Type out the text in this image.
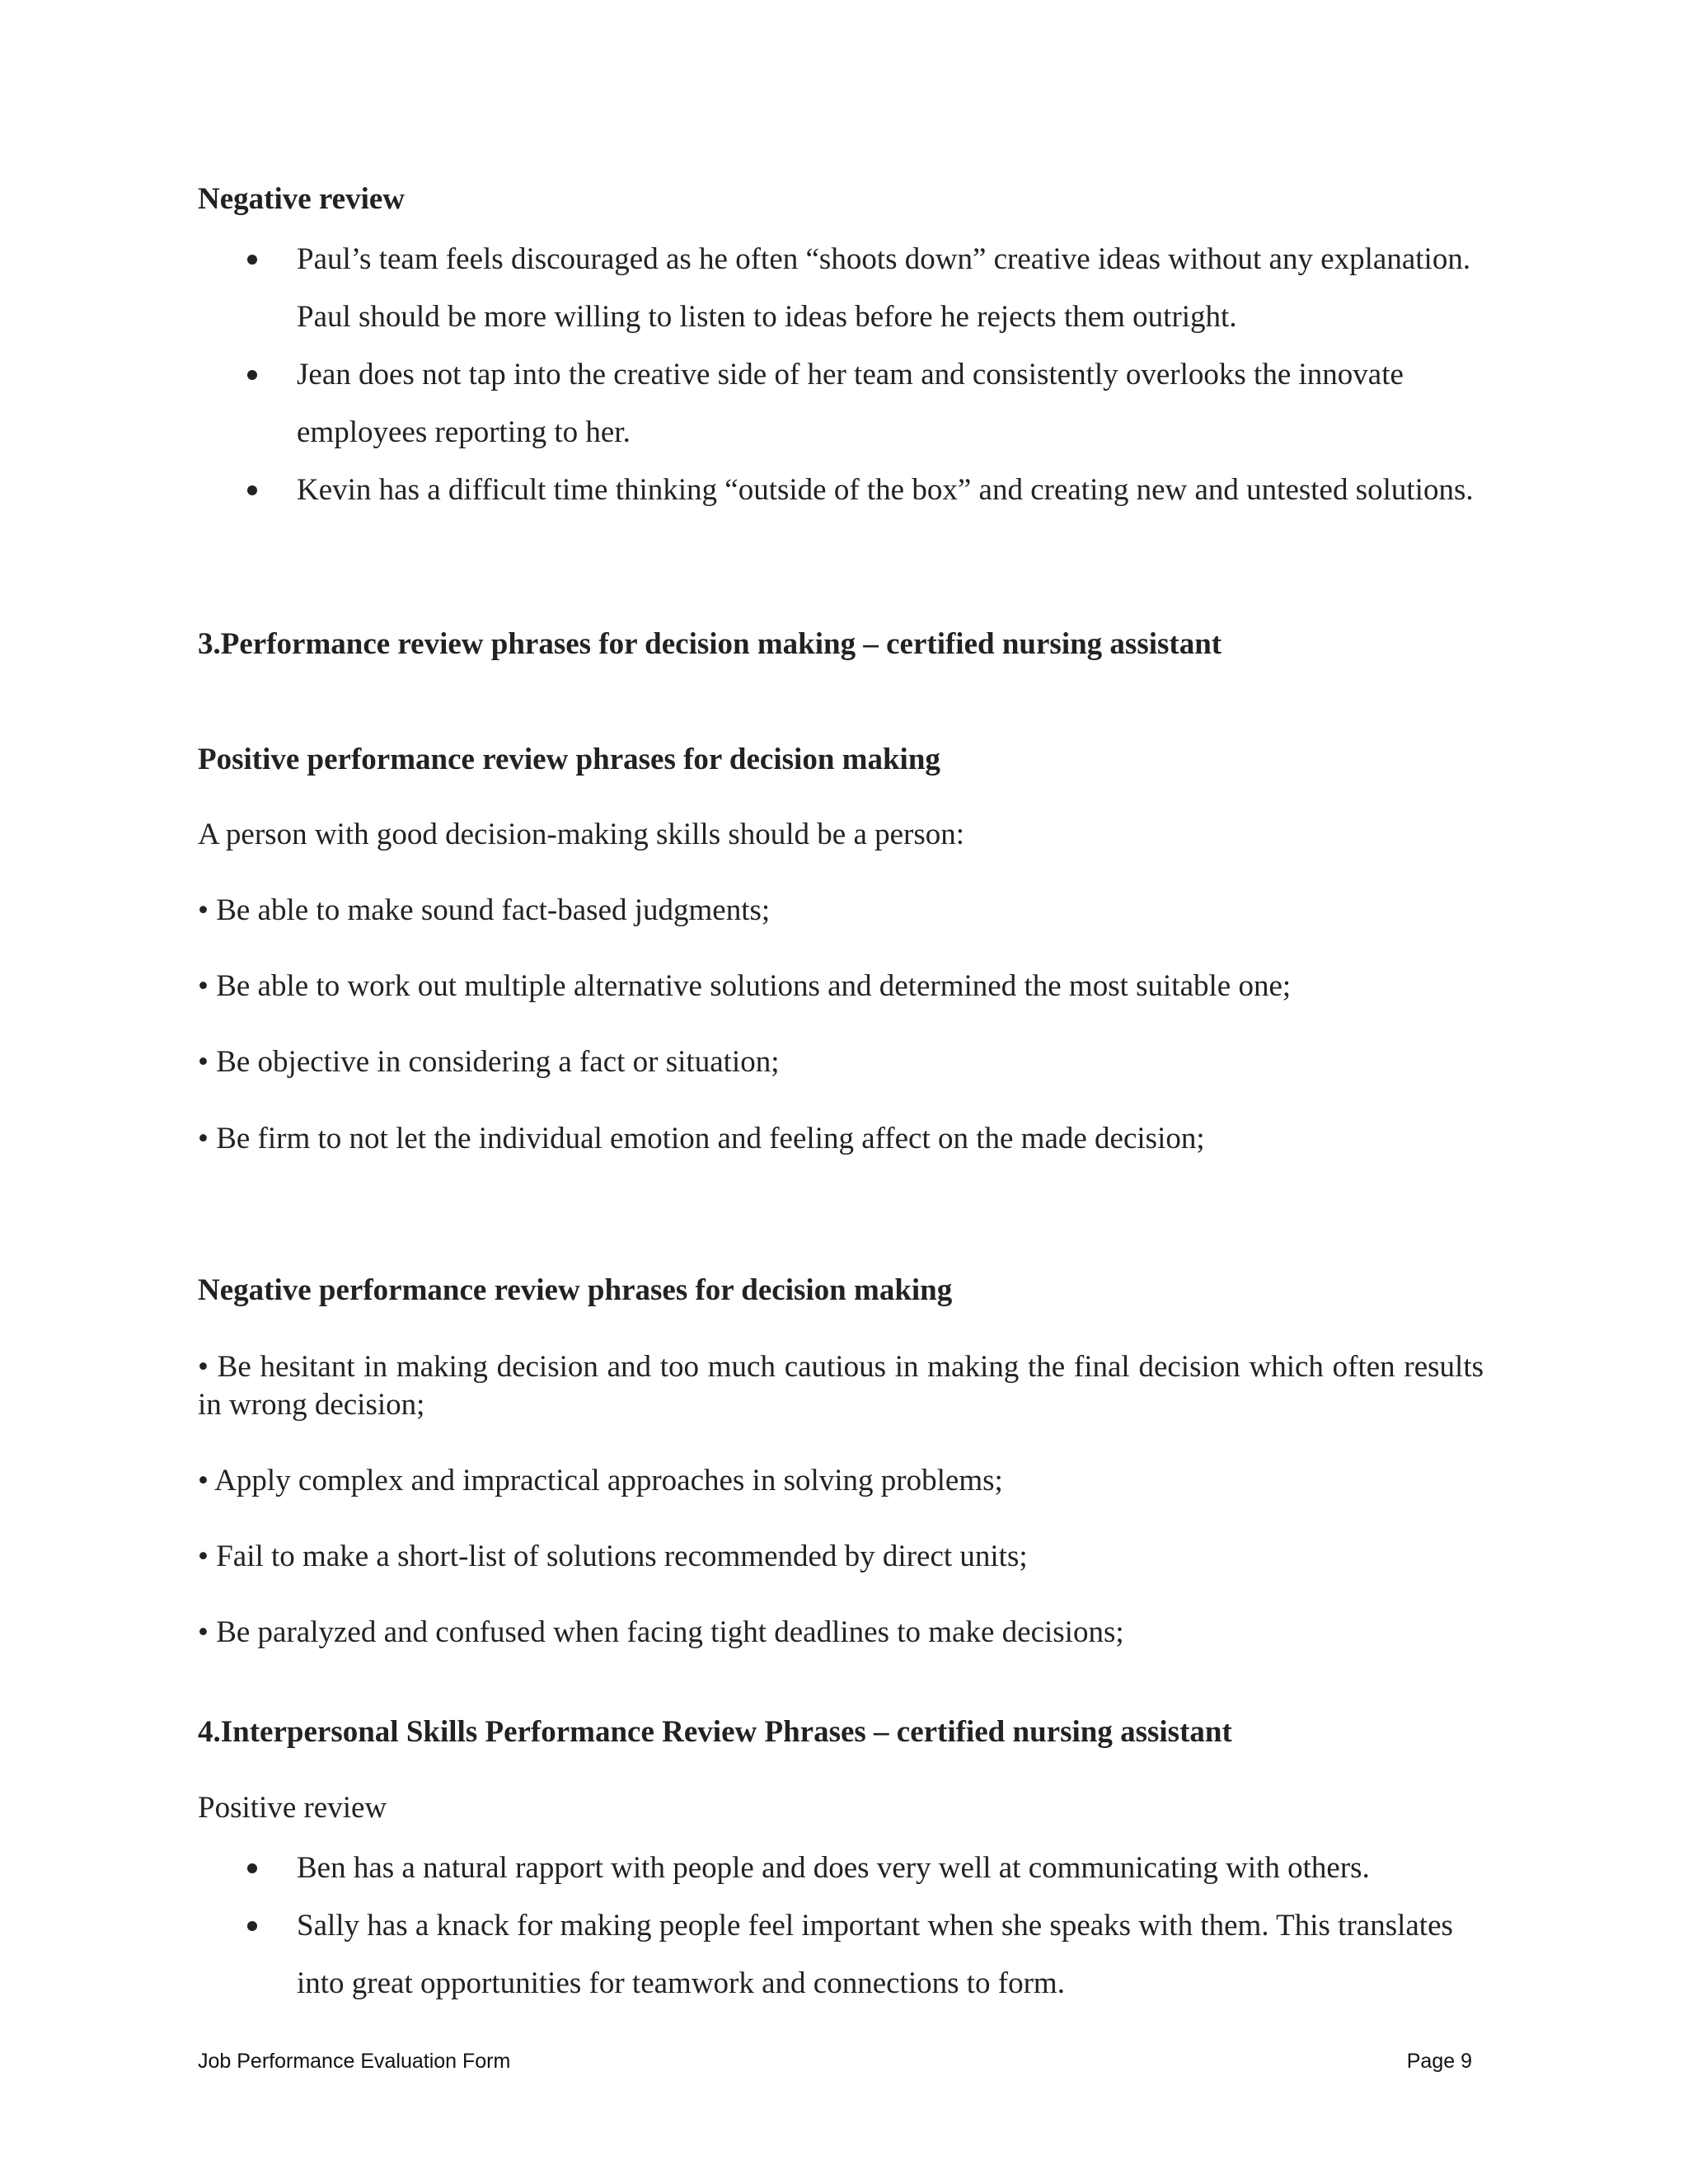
Negative review

Paul’s team feels discouraged as he often “shoots down” creative ideas without any explanation. Paul should be more willing to listen to ideas before he rejects them outright.

Jean does not tap into the creative side of her team and consistently overlooks the innovate employees reporting to her.

Kevin has a difficult time thinking “outside of the box” and creating new and untested solutions.

3.Performance review phrases for decision making – certified nursing assistant
Positive performance review phrases for decision making
A person with good decision-making skills should be a person:
• Be able to make sound fact-based judgments;
• Be able to work out multiple alternative solutions and determined the most suitable one;
• Be objective in considering a fact or situation;
• Be firm to not let the individual emotion and feeling affect on the made decision;
Negative performance review phrases for decision making
• Be hesitant in making decision and too much cautious in making the final decision which often results in wrong decision;
• Apply complex and impractical approaches in solving problems;
• Fail to make a short-list of solutions recommended by direct units;
• Be paralyzed and confused when facing tight deadlines to make decisions;
4.Interpersonal Skills Performance Review Phrases – certified nursing assistant
Positive review

Ben has a natural rapport with people and does very well at communicating with others.

Sally has a knack for making people feel important when she speaks with them. This translates into great opportunities for teamwork and connections to form.

Job Performance Evaluation Form	Page 9
